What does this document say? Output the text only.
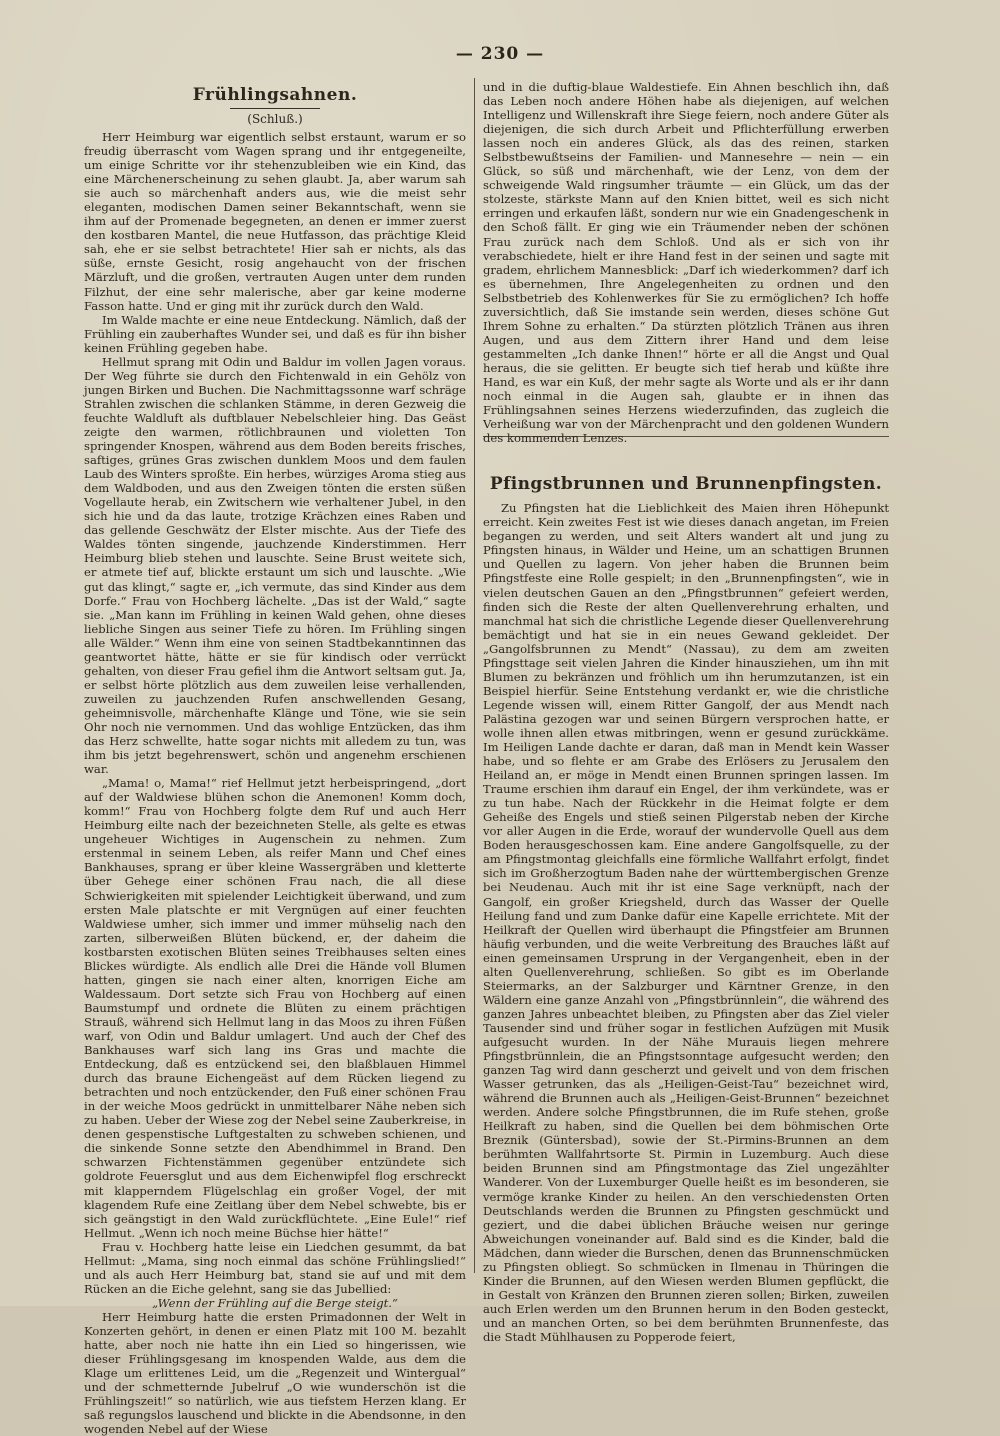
— 230 —
Frühlingsahnen.
(Schluß.)

Herr Heimburg war eigentlich selbst erstaunt, warum er so freudig überrascht vom Wagen sprang und ihr entgegeneilte, um einige Schritte vor ihr stehenzubleiben wie ein Kind, das eine Märchenerscheinung zu sehen glaubt. Ja, aber warum sah sie auch so märchenhaft anders aus, wie die meist sehr eleganten, modischen Damen seiner Bekanntschaft, wenn sie ihm auf der Promenade begegneten, an denen er immer zuerst den kostbaren Mantel, die neue Hutfasson, das prächtige Kleid sah, ehe er sie selbst betrachtete! Hier sah er nichts, als das süße, ernste Gesicht, rosig angehaucht von der frischen Märzluft, und die großen, vertrauten Augen unter dem runden Filzhut, der eine sehr malerische, aber gar keine moderne Fasson hatte. Und er ging mit ihr zurück durch den Wald.

Im Walde machte er eine neue Entdeckung. Nämlich, daß der Frühling ein zauberhaftes Wunder sei, und daß es für ihn bisher keinen Frühling gegeben habe.

Hellmut sprang mit Odin und Baldur im vollen Jagen voraus. Der Weg führte sie durch den Fichtenwald in ein Gehölz von jungen Birken und Buchen. Die Nachmittagssonne warf schräge Strahlen zwischen die schlanken Stämme, in deren Gezweig die feuchte Waldluft als duftblauer Nebelschleier hing. Das Geäst zeigte den warmen, rötlichbraunen und violetten Ton springender Knospen, während aus dem Boden bereits frisches, saftiges, grünes Gras zwischen dunklem Moos und dem faulen Laub des Winters sproßte. Ein herbes, würziges Aroma stieg aus dem Waldboden, und aus den Zweigen tönten die ersten süßen Vogellaute herab, ein Zwitschern wie verhaltener Jubel, in den sich hie und da das laute, trotzige Krächzen eines Raben und das gellende Geschwätz der Elster mischte. Aus der Tiefe des Waldes tönten singende, jauchzende Kinderstimmen. Herr Heimburg blieb stehen und lauschte. Seine Brust weitete sich, er atmete tief auf, blickte erstaunt um sich und lauschte. „Wie gut das klingt,“ sagte er, „ich vermute, das sind Kinder aus dem Dorfe.“ Frau von Hochberg lächelte. „Das ist der Wald,“ sagte sie. „Man kann im Frühling in keinen Wald gehen, ohne dieses liebliche Singen aus seiner Tiefe zu hören. Im Frühling singen alle Wälder.“ Wenn ihm eine von seinen Stadtbekanntinnen das geantwortet hätte, hätte er sie für kindisch oder verrückt gehalten, von dieser Frau gefiel ihm die Antwort seltsam gut. Ja, er selbst hörte plötzlich aus dem zuweilen leise verhallenden, zuweilen zu jauchzenden Rufen anschwellenden Gesang, geheimnisvolle, märchenhafte Klänge und Töne, wie sie sein Ohr noch nie vernommen. Und das wohlige Entzücken, das ihm das Herz schwellte, hatte sogar nichts mit alledem zu tun, was ihm bis jetzt begehrenswert, schön und angenehm erschienen war.

„Mama! o, Mama!“ rief Hellmut jetzt herbeispringend, „dort auf der Waldwiese blühen schon die Anemonen! Komm doch, komm!“ Frau von Hochberg folgte dem Ruf und auch Herr Heimburg eilte nach der bezeichneten Stelle, als gelte es etwas ungeheuer Wichtiges in Augenschein zu nehmen. Zum erstenmal in seinem Leben, als reifer Mann und Chef eines Bankhauses, sprang er über kleine Wassergräben und kletterte über Gehege einer schönen Frau nach, die all diese Schwierigkeiten mit spielender Leichtigkeit überwand, und zum ersten Male platschte er mit Vergnügen auf einer feuchten Waldwiese umher, sich immer und immer mühselig nach den zarten, silberweißen Blüten bückend, er, der daheim die kostbarsten exotischen Blüten seines Treibhauses selten eines Blickes würdigte. Als endlich alle Drei die Hände voll Blumen hatten, gingen sie nach einer alten, knorrigen Eiche am Waldessaum. Dort setzte sich Frau von Hochberg auf einen Baumstumpf und ordnete die Blüten zu einem prächtigen Strauß, während sich Hellmut lang in das Moos zu ihren Füßen warf, von Odin und Baldur umlagert. Und auch der Chef des Bankhauses warf sich lang ins Gras und machte die Entdeckung, daß es entzückend sei, den blaßblauen Himmel durch das braune Eichengeäst auf dem Rücken liegend zu betrachten und noch entzückender, den Fuß einer schönen Frau in der weiche Moos gedrückt in unmittelbarer Nähe neben sich zu haben. Ueber der Wiese zog der Nebel seine Zauberkreise, in denen gespenstische Luftgestalten zu schweben schienen, und die sinkende Sonne setzte den Abendhimmel in Brand. Den schwarzen Fichtenstämmen gegenüber entzündete sich goldrote Feuersglut und aus dem Eichenwipfel flog erschreckt mit klapperndem Flügelschlag ein großer Vogel, der mit klagendem Rufe eine Zeitlang über dem Nebel schwebte, bis er sich geängstigt in den Wald zurückflüchtete. „Eine Eule!“ rief Hellmut. „Wenn ich noch meine Büchse hier hätte!“

Frau v. Hochberg hatte leise ein Liedchen gesummt, da bat Hellmut: „Mama, sing noch einmal das schöne Frühlingslied!“ und als auch Herr Heimburg bat, stand sie auf und mit dem Rücken an die Eiche gelehnt, sang sie das Jubellied:

„Wenn der Frühling auf die Berge steigt.“

Herr Heimburg hatte die ersten Primadonnen der Welt in Konzerten gehört, in denen er einen Platz mit 100 M. bezahlt hatte, aber noch nie hatte ihn ein Lied so hingerissen, wie dieser Frühlingsgesang im knospenden Walde, aus dem die Klage um erlittenes Leid, um die „Regenzeit und Wintergual“ und der schmetternde Jubelruf „O wie wunderschön ist die Frühlingszeit!“ so natürlich, wie aus tiefstem Herzen klang. Er saß regungslos lauschend und blickte in die Abendsonne, in den wogenden Nebel auf der Wiese

und in die duftig-blaue Waldestiefe. Ein Ahnen beschlich ihn, daß das Leben noch andere Höhen habe als diejenigen, auf welchen Intelligenz und Willenskraft ihre Siege feiern, noch andere Güter als diejenigen, die sich durch Arbeit und Pflichterfüllung erwerben lassen noch ein anderes Glück, als das des reinen, starken Selbstbewußtseins der Familien- und Mannesehre — nein — ein Glück, so süß und märchenhaft, wie der Lenz, von dem der schweigende Wald ringsumher träumte — ein Glück, um das der stolzeste, stärkste Mann auf den Knien bittet, weil es sich nicht erringen und erkaufen läßt, sondern nur wie ein Gnadengeschenk in den Schoß fällt. Er ging wie ein Träumender neben der schönen Frau zurück nach dem Schloß. Und als er sich von ihr verabschiedete, hielt er ihre Hand fest in der seinen und sagte mit gradem, ehrlichem Mannesblick: „Darf ich wiederkommen? darf ich es übernehmen, Ihre Angelegenheiten zu ordnen und den Selbstbetrieb des Kohlenwerkes für Sie zu ermöglichen? Ich hoffe zuversichtlich, daß Sie imstande sein werden, dieses schöne Gut Ihrem Sohne zu erhalten.“ Da stürzten plötzlich Tränen aus ihren Augen, und aus dem Zittern ihrer Hand und dem leise gestammelten „Ich danke Ihnen!“ hörte er all die Angst und Qual heraus, die sie gelitten. Er beugte sich tief herab und küßte ihre Hand, es war ein Kuß, der mehr sagte als Worte und als er ihr dann noch einmal in die Augen sah, glaubte er in ihnen das Frühlingsahnen seines Herzens wiederzufinden, das zugleich die Verheißung war von der Märchenpracht und den goldenen Wundern des kommenden Lenzes.

Pfingstbrunnen und Brunnenpfingsten.

Zu Pfingsten hat die Lieblichkeit des Maien ihren Höhepunkt erreicht. Kein zweites Fest ist wie dieses danach angetan, im Freien begangen zu werden, und seit Alters wandert alt und jung zu Pfingsten hinaus, in Wälder und Heine, um an schattigen Brunnen und Quellen zu lagern. Von jeher haben die Brunnen beim Pfingstfeste eine Rolle gespielt; in den „Brunnenpfingsten“, wie in vielen deutschen Gauen an den „Pfingstbrunnen“ gefeiert werden, finden sich die Reste der alten Quellenverehrung erhalten, und manchmal hat sich die christliche Legende dieser Quellenverehrung bemächtigt und hat sie in ein neues Gewand gekleidet. Der „Gangolfsbrunnen zu Mendt“ (Nassau), zu dem am zweiten Pfingsttage seit vielen Jahren die Kinder hinausziehen, um ihn mit Blumen zu bekränzen und fröhlich um ihn herumzutanzen, ist ein Beispiel hierfür. Seine Entstehung verdankt er, wie die christliche Legende wissen will, einem Ritter Gangolf, der aus Mendt nach Palästina gezogen war und seinen Bürgern versprochen hatte, er wolle ihnen allen etwas mitbringen, wenn er gesund zurückkäme. Im Heiligen Lande dachte er daran, daß man in Mendt kein Wasser habe, und so flehte er am Grabe des Erlösers zu Jerusalem den Heiland an, er möge in Mendt einen Brunnen springen lassen. Im Traume erschien ihm darauf ein Engel, der ihm verkündete, was er zu tun habe. Nach der Rückkehr in die Heimat folgte er dem Geheiße des Engels und stieß seinen Pilgerstab neben der Kirche vor aller Augen in die Erde, worauf der wundervolle Quell aus dem Boden herausgeschossen kam. Eine andere Gangolfsquelle, zu der am Pfingstmontag gleichfalls eine förmliche Wallfahrt erfolgt, findet sich im Großherzogtum Baden nahe der württembergischen Grenze bei Neudenau. Auch mit ihr ist eine Sage verknüpft, nach der Gangolf, ein großer Kriegsheld, durch das Wasser der Quelle Heilung fand und zum Danke dafür eine Kapelle errichtete. Mit der Heilkraft der Quellen wird überhaupt die Pfingstfeier am Brunnen häufig verbunden, und die weite Verbreitung des Brauches läßt auf einen gemeinsamen Ursprung in der Vergangenheit, eben in der alten Quellenverehrung, schließen. So gibt es im Oberlande Steiermarks, an der Salzburger und Kärntner Grenze, in den Wäldern eine ganze Anzahl von „Pfingstbrünnlein“, die während des ganzen Jahres unbeachtet bleiben, zu Pfingsten aber das Ziel vieler Tausender sind und früher sogar in festlichen Aufzügen mit Musik aufgesucht wurden. In der Nähe Murauis liegen mehrere Pfingstbrünnlein, die an Pfingstsonntage aufgesucht werden; den ganzen Tag wird dann gescherzt und geivelt und von dem frischen Wasser getrunken, das als „Heiligen-Geist-Tau“ bezeichnet wird, während die Brunnen auch als „Heiligen-Geist-Brunnen“ bezeichnet werden. Andere solche Pfingstbrunnen, die im Rufe stehen, große Heilkraft zu haben, sind die Quellen bei dem böhmischen Orte Breznik (Güntersbad), sowie der St.-Pirmins-Brunnen an dem berühmten Wallfahrtsorte St. Pirmin in Luzemburg. Auch diese beiden Brunnen sind am Pfingstmontage das Ziel ungezählter Wanderer. Von der Luxemburger Quelle heißt es im besonderen, sie vermöge kranke Kinder zu heilen. An den verschiedensten Orten Deutschlands werden die Brunnen zu Pfingsten geschmückt und geziert, und die dabei üblichen Bräuche weisen nur geringe Abweichungen voneinander auf. Bald sind es die Kinder, bald die Mädchen, dann wieder die Burschen, denen das Brunnenschmücken zu Pfingsten obliegt. So schmücken in Ilmenau in Thüringen die Kinder die Brunnen, auf den Wiesen werden Blumen gepflückt, die in Gestalt von Kränzen den Brunnen zieren sollen; Birken, zuweilen auch Erlen werden um den Brunnen herum in den Boden gesteckt, und an manchen Orten, so bei dem berühmten Brunnenfeste, das die Stadt Mühlhausen zu Popperode feiert,
